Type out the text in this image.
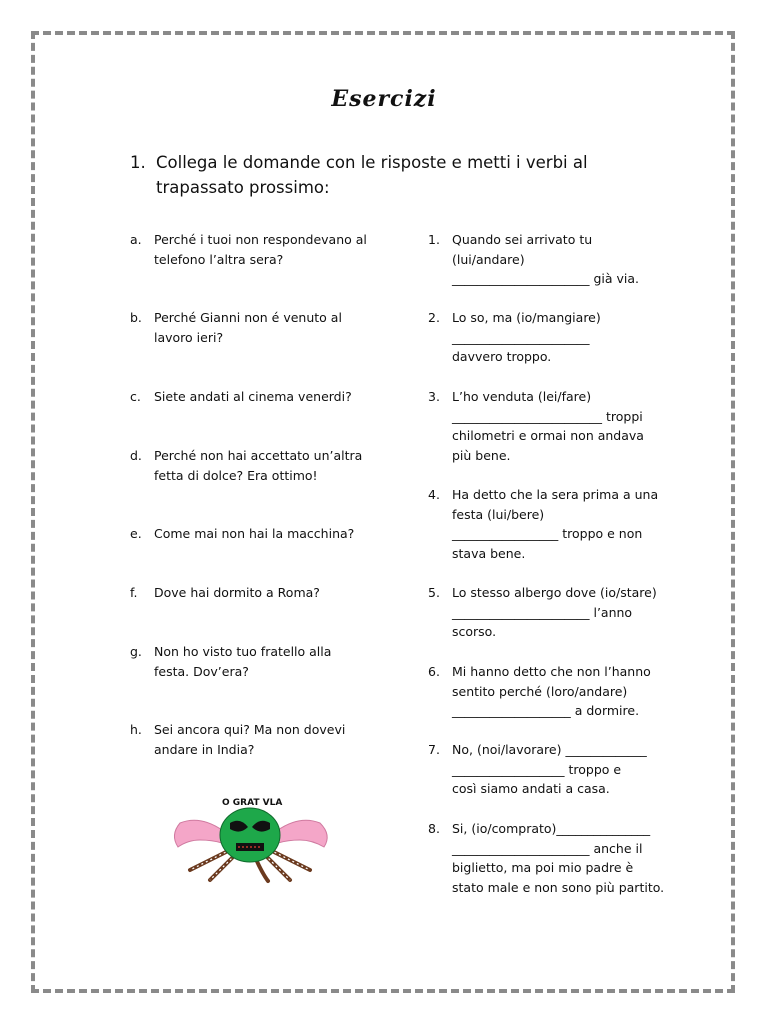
Esercizi
1. Collega le domande con le risposte e metti i verbi al trapassato prossimo:
a. Perché i tuoi non respondevano al
telefono l’altra sera?
b. Perché Gianni non é venuto al
lavoro ieri?
c. Siete andati al cinema venerdi?
d. Perché non hai accettato un’altra
fetta di dolce? Era ottimo!
e. Come mai non hai la macchina?
f. Dove hai dormito a Roma?
g. Non ho visto tuo fratello alla
festa. Dov’era?
h. Sei ancora qui? Ma non dovevi
andare in India?
1. Quando sei arrivato tu
(lui/andare)
______________________ già via.
2. Lo so, ma (io/mangiare)
______________________
davvero troppo.
3. L’ho venduta (lei/fare)
________________________ troppi
chilometri e ormai non andava
più bene.
4. Ha detto che la sera prima a una
festa (lui/bere)
_________________ troppo e non
stava bene.
5. Lo stesso albergo dove (io/stare)
______________________ l’anno
scorso.
6. Mi hanno detto che non l’hanno
sentito perché (loro/andare)
___________________ a dormire.
7. No, (noi/lavorare) _____________
__________________ troppo e
così siamo andati a casa.
8. Si, (io/comprato)_______________
______________________ anche il
biglietto, ma poi mio padre è
stato male e non sono più partito.
O GRAT VLA
